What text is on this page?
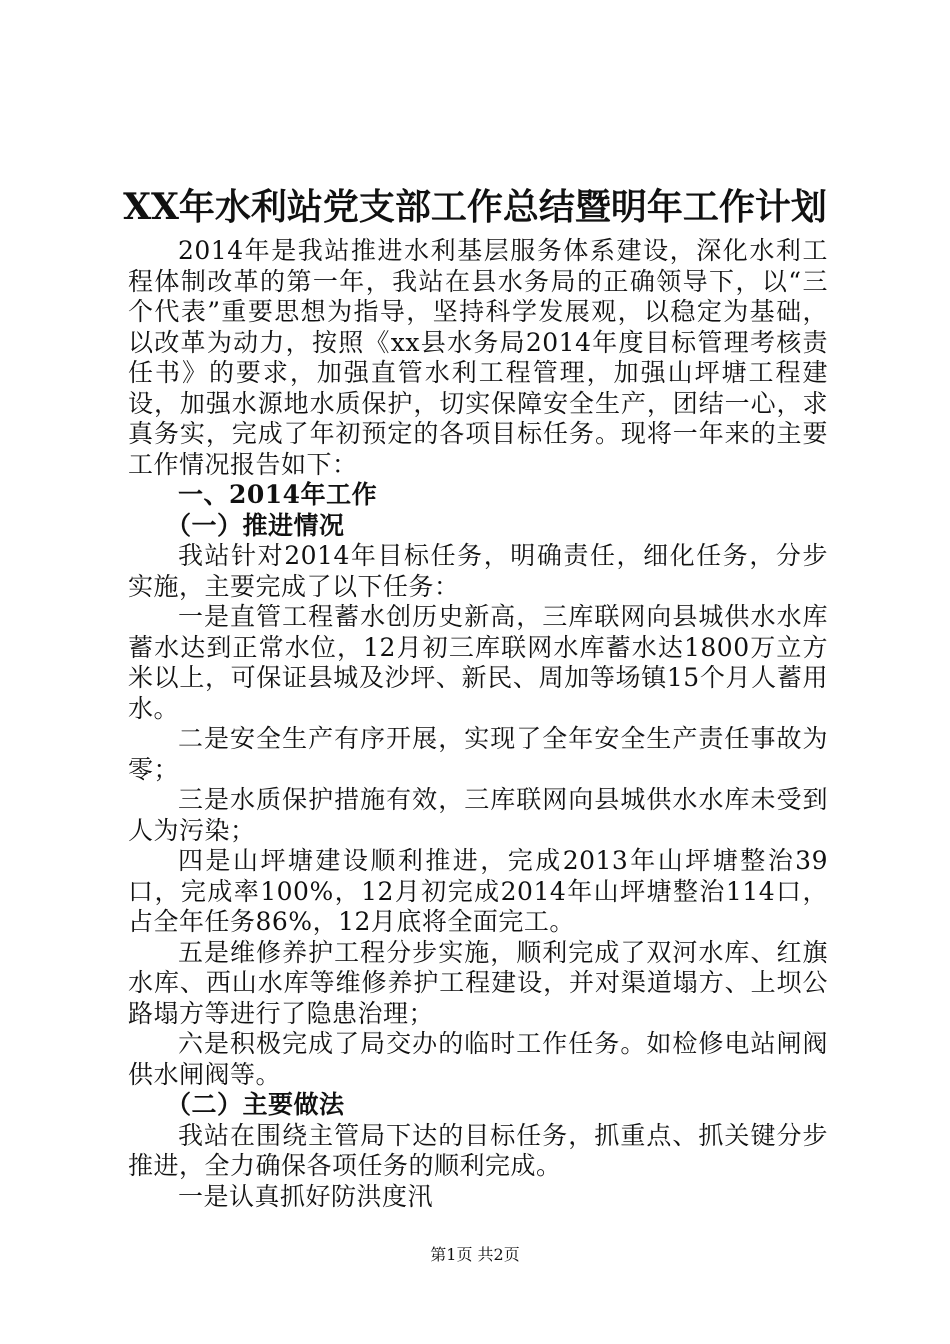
XX年水利站党支部工作总结暨明年工作计划

2014年是我站推进水利基层服务体系建设，深化水利工程体制改革的第一年，我站在县水务局的正确领导下，以“三个代表”重要思想为指导，坚持科学发展观，以稳定为基础，以改革为动力，按照《xx县水务局2014年度目标管理考核责任书》的要求，加强直管水利工程管理，加强山坪塘工程建设，加强水源地水质保护，切实保障安全生产，团结一心，求真务实，完成了年初预定的各项目标任务。现将一年来的主要工作情况报告如下：

一、2014年工作

（一）推进情况

我站针对2014年目标任务，明确责任，细化任务，分步实施，主要完成了以下任务：

一是直管工程蓄水创历史新高，三库联网向县城供水水库蓄水达到正常水位，12月初三库联网水库蓄水达1800万立方米以上，可保证县城及沙坪、新民、周加等场镇15个月人蓄用水。

二是安全生产有序开展，实现了全年安全生产责任事故为零；

三是水质保护措施有效，三库联网向县城供水水库未受到人为污染；

四是山坪塘建设顺利推进，完成2013年山坪塘整治39口，完成率100%，12月初完成2014年山坪塘整治114口，占全年任务86%，12月底将全面完工。

五是维修养护工程分步实施，顺利完成了双河水库、红旗水库、西山水库等维修养护工程建设，并对渠道塌方、上坝公路塌方等进行了隐患治理；

六是积极完成了局交办的临时工作任务。如检修电站闸阀供水闸阀等。

（二）主要做法

我站在围绕主管局下达的目标任务，抓重点、抓关键分步推进，全力确保各项任务的顺利完成。

一是认真抓好防洪度汛

第1页 共2页
